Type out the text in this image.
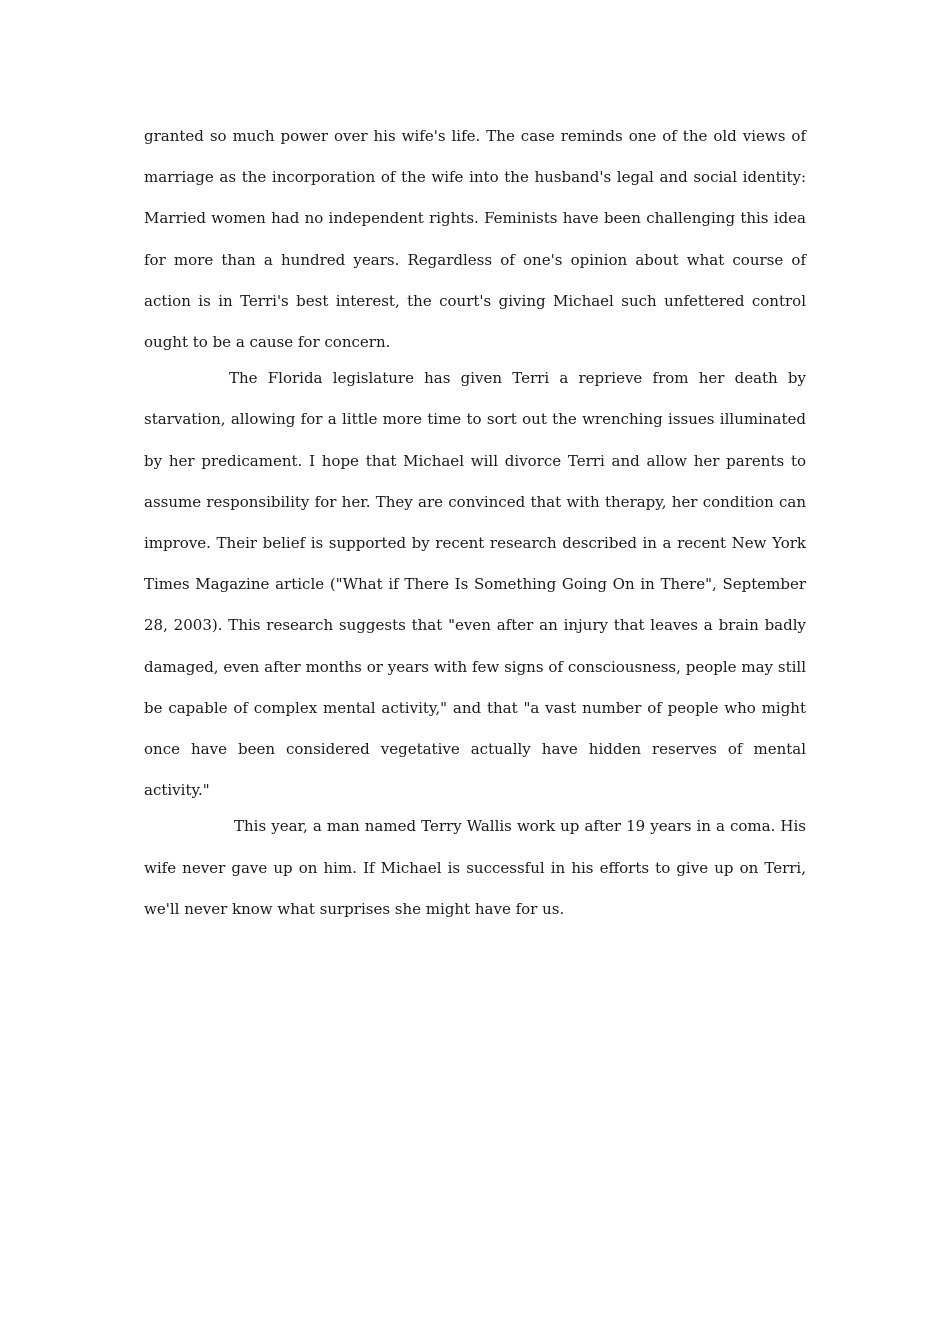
granted so much power over his wife's life. The case reminds one of the old views of marriage as the incorporation of the wife into the husband's legal and social identity: Married women had no independent rights. Feminists have been challenging this idea for more than a hundred years. Regardless of one's opinion about what course of action is in Terri's best interest, the court's giving Michael such unfettered control ought to be a cause for concern.

The Florida legislature has given Terri a reprieve from her death by starvation, allowing for a little more time to sort out the wrenching issues illuminated by her predicament. I hope that Michael will divorce Terri and allow her parents to assume responsibility for her. They are convinced that with therapy, her condition can improve. Their belief is supported by recent research described in a recent New York Times Magazine article ("What if There Is Something Going On in There", September 28, 2003). This research suggests that "even after an injury that leaves a brain badly damaged, even after months or years with few signs of consciousness, people may still be capable of complex mental activity," and that "a vast number of people who might once have been considered vegetative actually have hidden reserves of mental activity."

This year, a man named Terry Wallis work up after 19 years in a coma. His wife never gave up on him. If Michael is successful in his efforts to give up on Terri, we'll never know what surprises she might have for us.
